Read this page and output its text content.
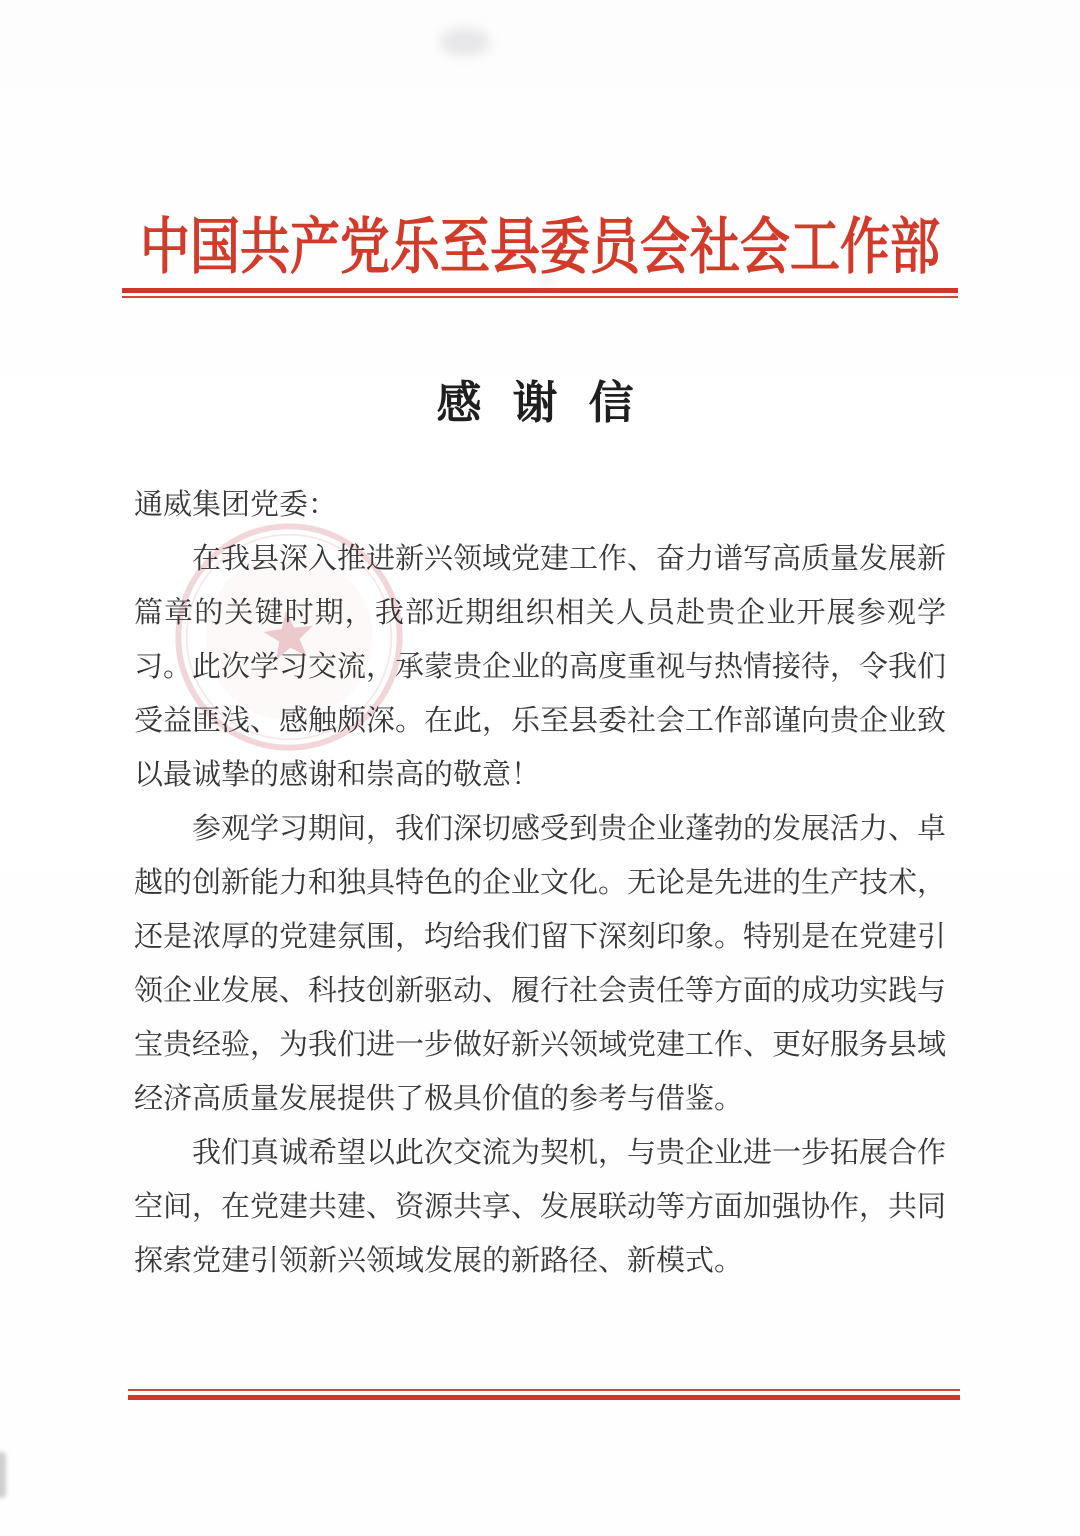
中国共产党乐至县委员会社会工作部
感 谢 信

通威集团党委：

在我县深入推进新兴领域党建工作、奋力谱写高质量发展新篇章的关键时期，我部近期组织相关人员赴贵企业开展参观学习。此次学习交流，承蒙贵企业的高度重视与热情接待，令我们受益匪浅、感触颇深。在此，乐至县委社会工作部谨向贵企业致以最诚挚的感谢和崇高的敬意！

参观学习期间，我们深切感受到贵企业蓬勃的发展活力、卓越的创新能力和独具特色的企业文化。无论是先进的生产技术，还是浓厚的党建氛围，均给我们留下深刻印象。特别是在党建引领企业发展、科技创新驱动、履行社会责任等方面的成功实践与宝贵经验，为我们进一步做好新兴领域党建工作、更好服务县域经济高质量发展提供了极具价值的参考与借鉴。

我们真诚希望以此次交流为契机，与贵企业进一步拓展合作空间，在党建共建、资源共享、发展联动等方面加强协作，共同探索党建引领新兴领域发展的新路径、新模式。
